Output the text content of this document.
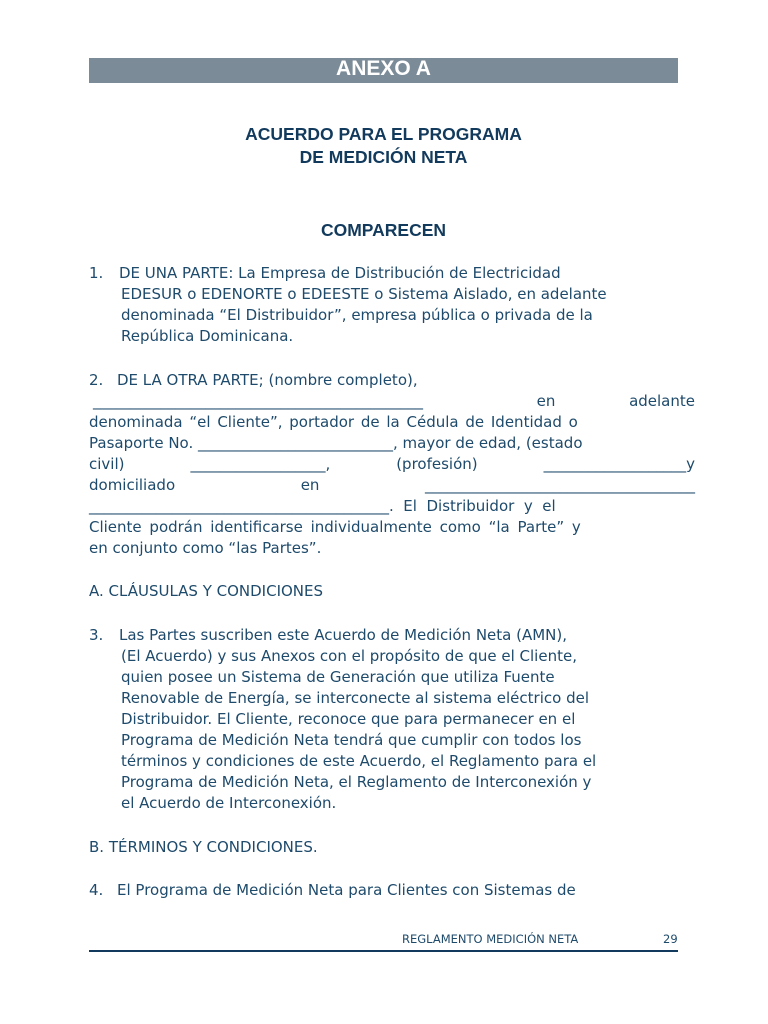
ANEXO A
ACUERDO PARA EL PROGRAMA
DE MEDICIÓN NETA
COMPARECEN
1. DE UNA PARTE: La Empresa de Distribución de Electricidad
EDESUR o EDENORTE o EDEESTE o Sistema Aislado, en adelante
denominada “El Distribuidor”, empresa pública o privada de la
República Dominicana.
2. DE LA OTRA PARTE; (nombre completo),
____________________________________________	en	adelante
denominada “el Cliente”, portador de la Cédula de Identidad o
Pasaporte No. __________________________, mayor de edad, (estado
civil)	__________________,	(profesión)	___________________y
domiciliado	en	____________________________________
________________________________________.  El  Distribuidor  y  el
Cliente podrán identificarse individualmente como “la Parte” y
en conjunto como “las Partes”.
A. CLÁUSULAS Y CONDICIONES
3. Las Partes suscriben este Acuerdo de Medición Neta (AMN),
(El Acuerdo) y sus Anexos con el propósito de que el Cliente,
quien posee un Sistema de Generación que utiliza Fuente
Renovable de Energía, se interconecte al sistema eléctrico del
Distribuidor. El Cliente, reconoce que para permanecer en el
Programa de Medición Neta tendrá que cumplir con todos los
términos y condiciones de este Acuerdo, el Reglamento para el
Programa de Medición Neta, el Reglamento de Interconexión y
el Acuerdo de Interconexión.
B. TÉRMINOS Y CONDICIONES.
4. El Programa de Medición Neta para Clientes con Sistemas de
REGLAMENTO MEDICIÓN NETA	29
